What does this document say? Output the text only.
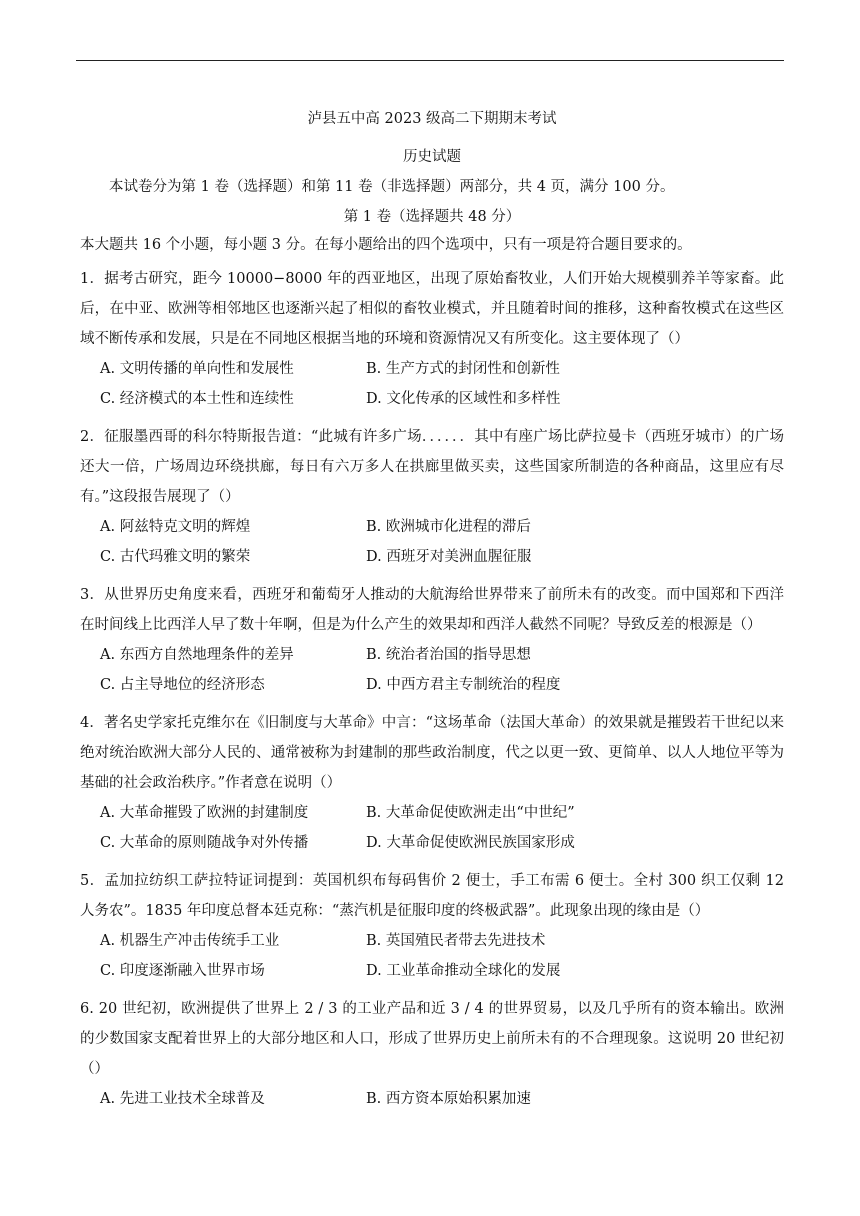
泸县五中高 2023 级高二下期期末考试
历史试题
本试卷分为第 1 卷（选择题）和第 11 卷（非选择题）两部分，共 4 页，满分 100 分。
第 1 卷（选择题共 48 分）
本大题共 16 个小题，每小题 3 分。在每小题给出的四个选项中，只有一项是符合题目要求的。
1．据考古研究，距今 10000−8000 年的西亚地区，出现了原始畜牧业，人们开始大规模驯养羊等家畜。此后，在中亚、欧洲等相邻地区也逐渐兴起了相似的畜牧业模式，并且随着时间的推移，这种畜牧模式在这些区域不断传承和发展，只是在不同地区根据当地的环境和资源情况又有所变化。这主要体现了（）
A. 文明传播的单向性和发展性	B. 生产方式的封闭性和创新性
C. 经济模式的本土性和连续性	D. 文化传承的区域性和多样性
2．征服墨西哥的科尔特斯报告道：“此城有许多广场．．．．．．其中有座广场比萨拉曼卡（西班牙城市）的广场还大一倍，广场周边环绕拱廊，每日有六万多人在拱廊里做买卖，这些国家所制造的各种商品，这里应有尽有。”这段报告展现了（）
A. 阿兹特克文明的辉煌	B. 欧洲城市化进程的滞后
C. 古代玛雅文明的繁荣	D. 西班牙对美洲血腥征服
3．从世界历史角度来看，西班牙和葡萄牙人推动的大航海给世界带来了前所未有的改变。而中国郑和下西洋在时间线上比西洋人早了数十年啊，但是为什么产生的效果却和西洋人截然不同呢？导致反差的根源是（）
A. 东西方自然地理条件的差异	B. 统治者治国的指导思想
C. 占主导地位的经济形态	D. 中西方君主专制统治的程度
4．著名史学家托克维尔在《旧制度与大革命》中言：“这场革命（法国大革命）的效果就是摧毁若干世纪以来绝对统治欧洲大部分人民的、通常被称为封建制的那些政治制度，代之以更一致、更简单、以人人地位平等为基础的社会政治秩序。”作者意在说明（）
A. 大革命摧毁了欧洲的封建制度	B. 大革命促使欧洲走出“中世纪”
C. 大革命的原则随战争对外传播	D. 大革命促使欧洲民族国家形成
5．孟加拉纺织工萨拉特证词提到：英国机织布每码售价 2 便士，手工布需 6 便士。全村 300 织工仅剩 12 人务农”。1835 年印度总督本廷克称：“蒸汽机是征服印度的终极武器”。此现象出现的缘由是（）
A. 机器生产冲击传统手工业	B. 英国殖民者带去先进技术
C. 印度逐渐融入世界市场	D. 工业革命推动全球化的发展
6. 20 世纪初，欧洲提供了世界上 2 / 3 的工业产品和近 3 / 4 的世界贸易，以及几乎所有的资本输出。欧洲的少数国家支配着世界上的大部分地区和人口，形成了世界历史上前所未有的不合理现象。这说明 20 世纪初（）
A. 先进工业技术全球普及	B. 西方资本原始积累加速
